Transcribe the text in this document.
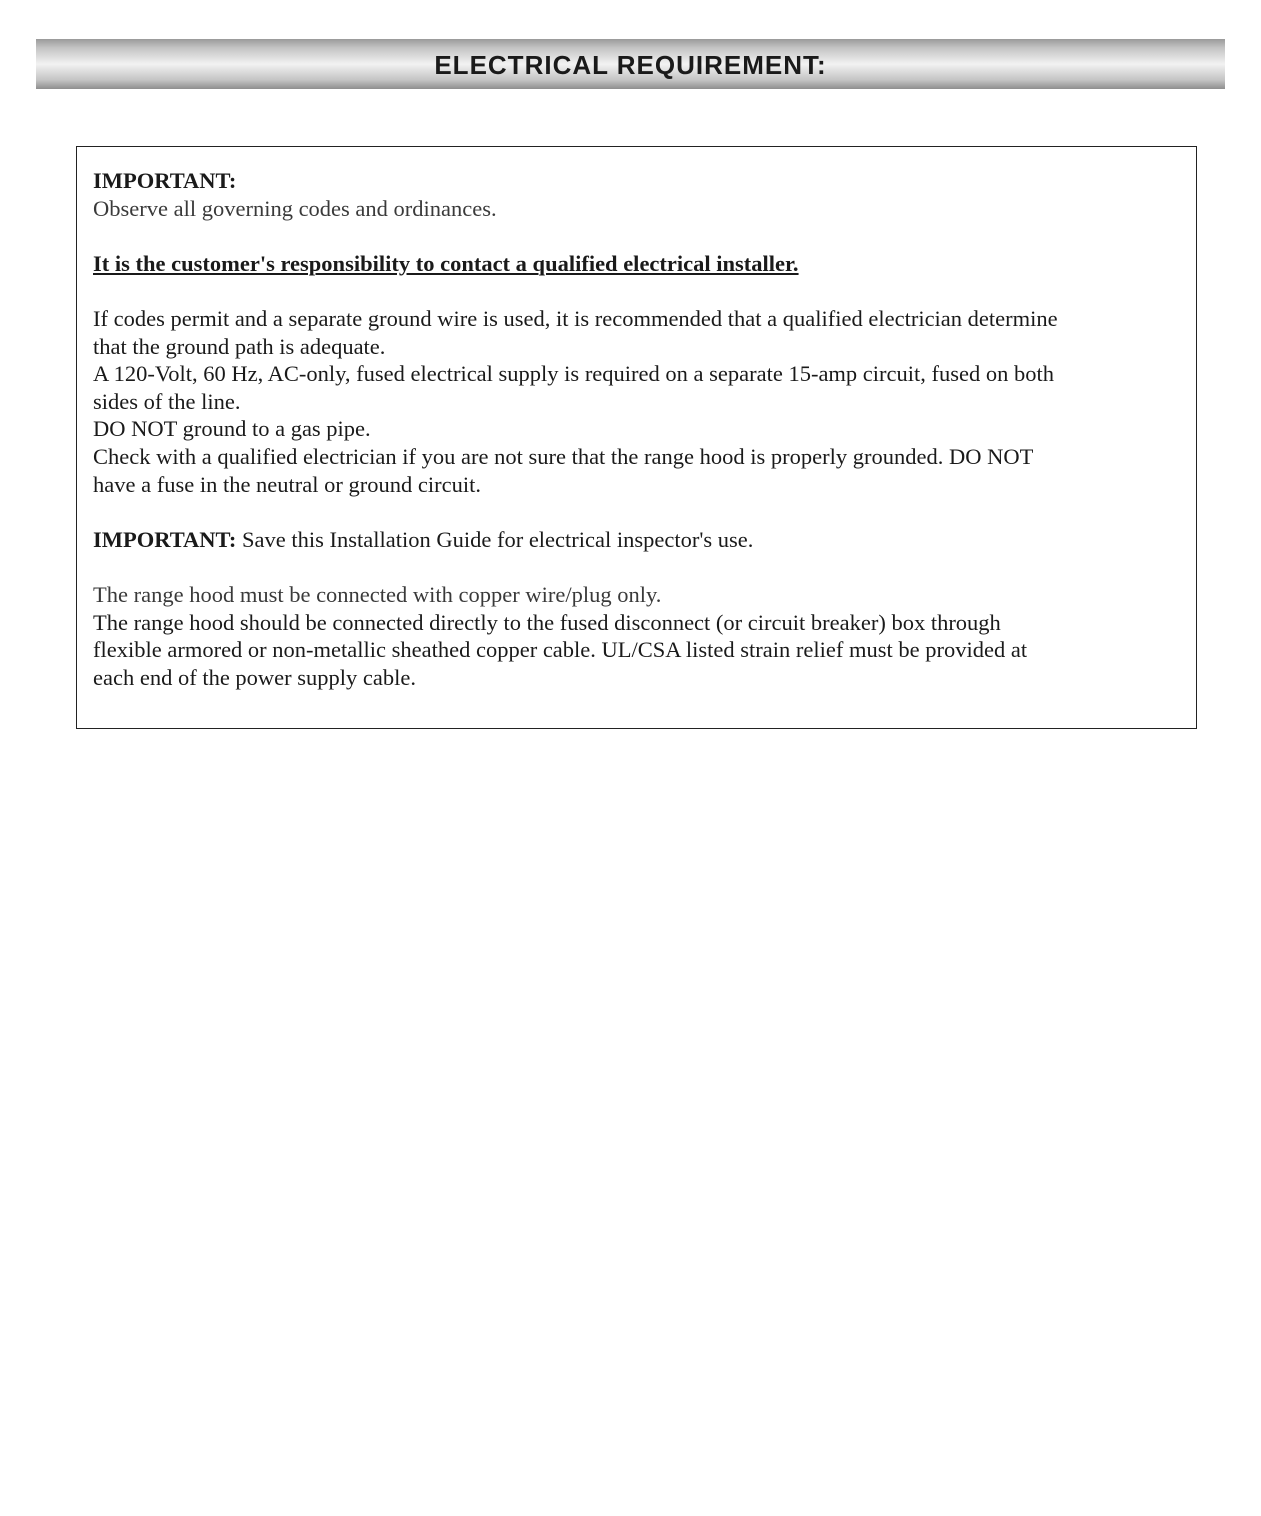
ELECTRICAL REQUIREMENT:

IMPORTANT:

Observe all governing codes and ordinances.

It is the customer's responsibility to contact a qualified electrical installer.

If codes permit and a separate ground wire is used, it is recommended that a qualified electrician determine

that the ground path is adequate.

A 120-Volt, 60 Hz, AC-only, fused electrical supply is required on a separate 15-amp circuit, fused on both

sides of the line.

DO NOT ground to a gas pipe.

Check with a qualified electrician if you are not sure that the range hood is properly grounded. DO NOT

have a fuse in the neutral or ground circuit.

IMPORTANT: Save this Installation Guide for electrical inspector's use.

The range hood must be connected with copper wire/plug only.

The range hood should be connected directly to the fused disconnect (or circuit breaker) box through

flexible armored or non-metallic sheathed copper cable. UL/CSA listed strain relief must be provided at

each end of the power supply cable.
